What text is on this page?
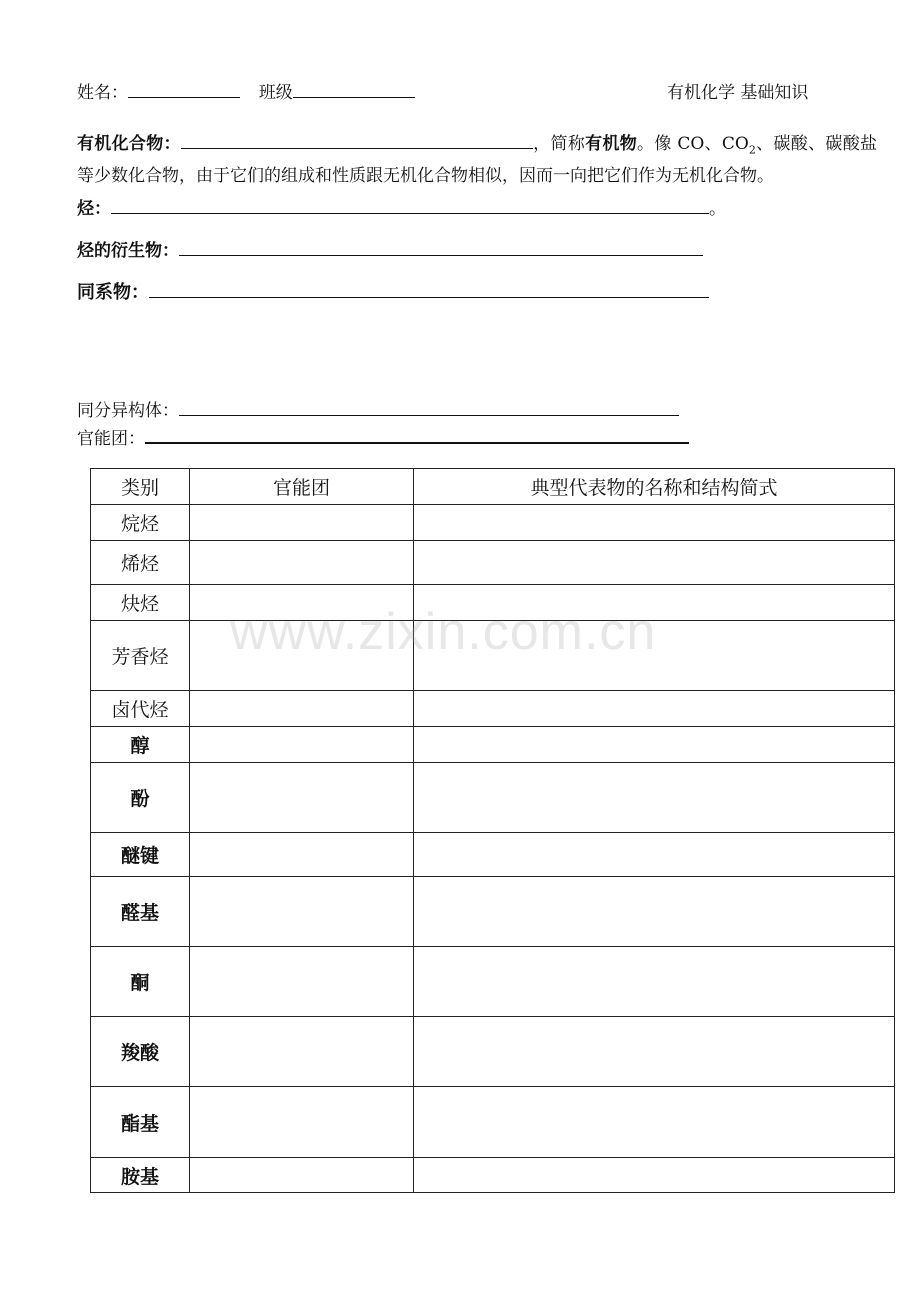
姓名：	班级	有机化学 基础知识
有机化合物：	，简称有机物。像 CO、$CO_2$、碳酸、碳酸盐等少数化合物，由于它们的组成和性质跟无机化合物相似，因而一向把它们作为无机化合物。
烃：	。
烃的衍生物：
同系物：
同分异构体：
官能团：
类别	官能团	典型代表物的名称和结构简式
烷烃		
烯烃		
炔烃		
芳香烃		
卤代烃		
醇		
酚		
醚键		
醛基		
酮		
羧酸		
酯基		
胺基		
www.zixin.com.cn
